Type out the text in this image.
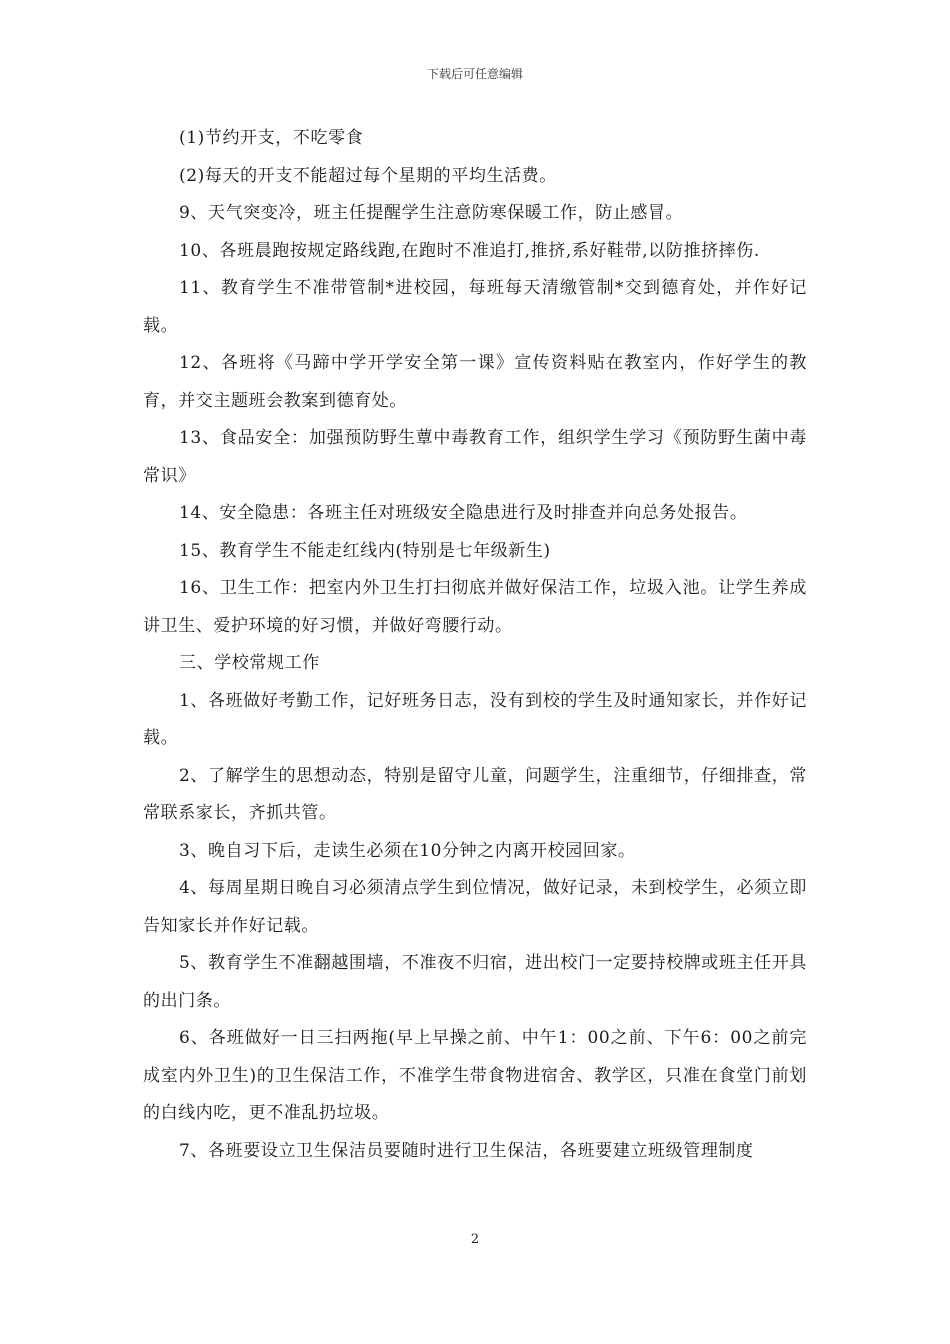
下载后可任意编辑

(1)节约开支，不吃零食

(2)每天的开支不能超过每个星期的平均生活费。

9、天气突变冷，班主任提醒学生注意防寒保暖工作，防止感冒。

10、各班晨跑按规定路线跑,在跑时不准追打,推挤,系好鞋带,以防推挤摔伤.

11、教育学生不准带管制*进校园，每班每天清缴管制*交到德育处，并作好记载。

12、各班将《马蹄中学开学安全第一课》宣传资料贴在教室内，作好学生的教育，并交主题班会教案到德育处。

13、食品安全：加强预防野生蕈中毒教育工作，组织学生学习《预防野生菌中毒常识》

14、安全隐患：各班主任对班级安全隐患进行及时排查并向总务处报告。

15、教育学生不能走红线内(特别是七年级新生)

16、卫生工作：把室内外卫生打扫彻底并做好保洁工作，垃圾入池。让学生养成讲卫生、爱护环境的好习惯，并做好弯腰行动。

三、学校常规工作

1、各班做好考勤工作，记好班务日志，没有到校的学生及时通知家长，并作好记载。

2、了解学生的思想动态，特别是留守儿童，问题学生，注重细节，仔细排查，常常联系家长，齐抓共管。

3、晚自习下后，走读生必须在10分钟之内离开校园回家。

4、每周星期日晚自习必须清点学生到位情况，做好记录，未到校学生，必须立即告知家长并作好记载。

5、教育学生不准翻越围墙，不准夜不归宿，进出校门一定要持校牌或班主任开具的出门条。

6、各班做好一日三扫两拖(早上早操之前、中午1：00之前、下午6：00之前完成室内外卫生)的卫生保洁工作，不准学生带食物进宿舍、教学区，只准在食堂门前划的白线内吃，更不准乱扔垃圾。

7、各班要设立卫生保洁员要随时进行卫生保洁，各班要建立班级管理制度

2
